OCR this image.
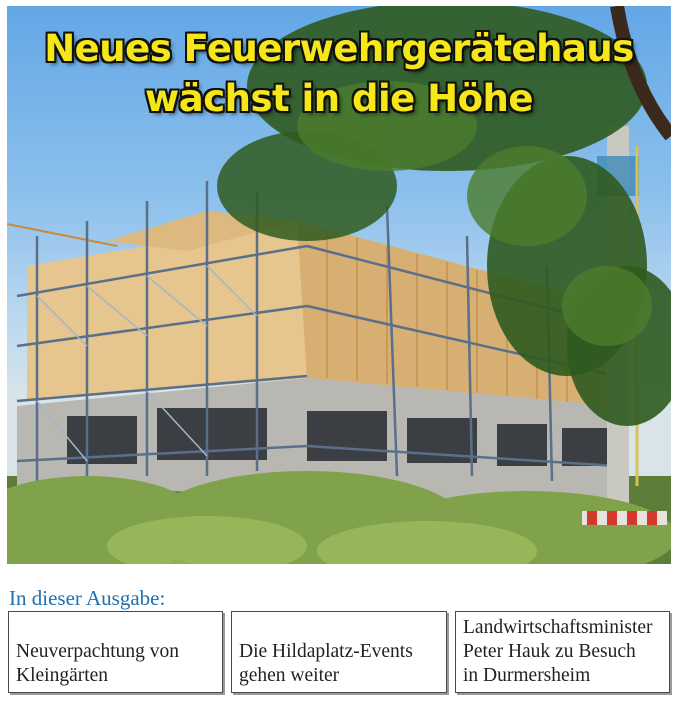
Neues Feuerwehrgerätehaus
wächst in die Höhe
In dieser Ausgabe:
Neuverpachtung von
Kleingärten
Die Hildaplatz-Events
gehen weiter
Landwirtschaftsminister
Peter Hauk zu Besuch
in Durmersheim
